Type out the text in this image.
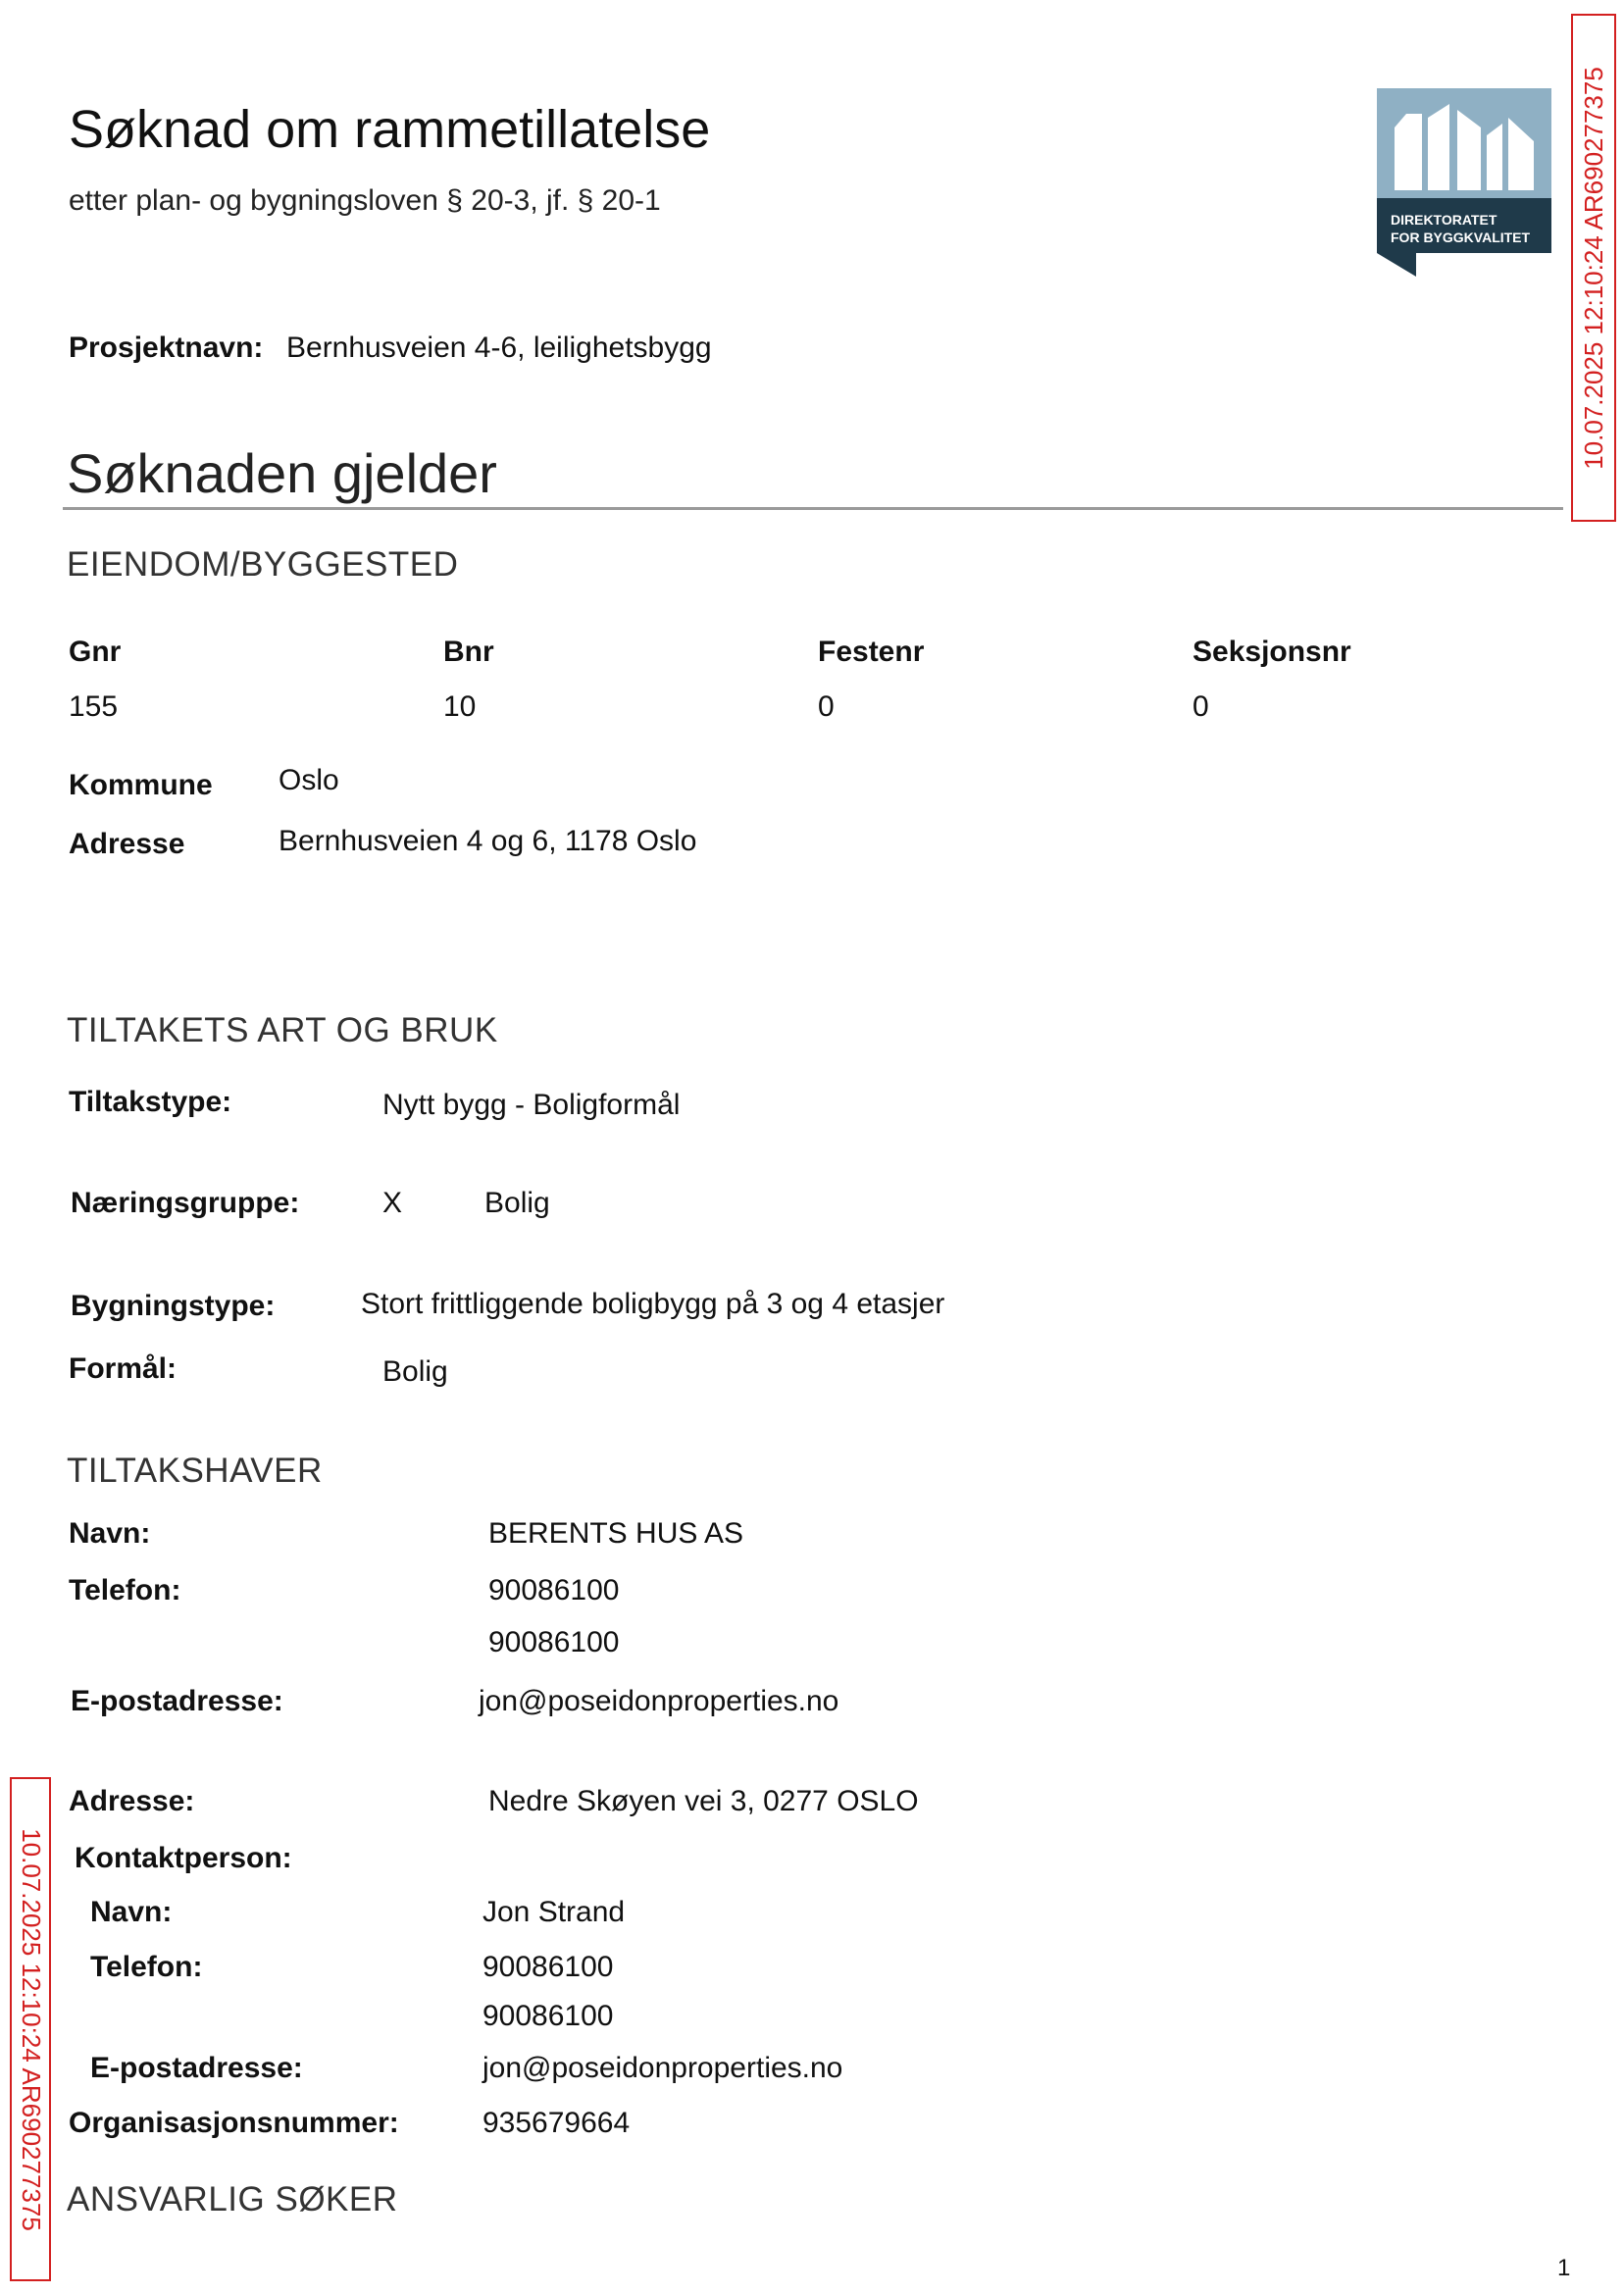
Søknad om rammetillatelse
etter plan- og bygningsloven § 20-3, jf. § 20-1
DIREKTORATET
FOR BYGGKVALITET
Prosjektnavn: Bernhusveien 4-6, leilighetsbygg
Søknaden gjelder
EIENDOM/BYGGESTED
Gnr	Bnr	Festenr	Seksjonsnr
155	10	0	0
Kommune Oslo
Adresse	Bernhusveien 4 og 6, 1178 Oslo
TILTAKETS ART OG BRUK
Tiltakstype:	Nytt bygg - Boligformål
Næringsgruppe:	X	Bolig
Bygningstype:	Stort frittliggende boligbygg på 3 og 4 etasjer
Formål:	Bolig
TILTAKSHAVER
Navn:	BERENTS HUS AS
Telefon:	90086100
90086100
E-postadresse:	jon@poseidonproperties.no
Adresse:	Nedre Skøyen vei 3, 0277 OSLO
Kontaktperson:
Navn:	Jon Strand
Telefon:	90086100
90086100
E-postadresse:	jon@poseidonproperties.no
Organisasjonsnummer:	935679664
ANSVARLIG SØKER
10.07.2025 12:10:24 AR690277375
10.07.2025 12:10:24 AR690277375
1
